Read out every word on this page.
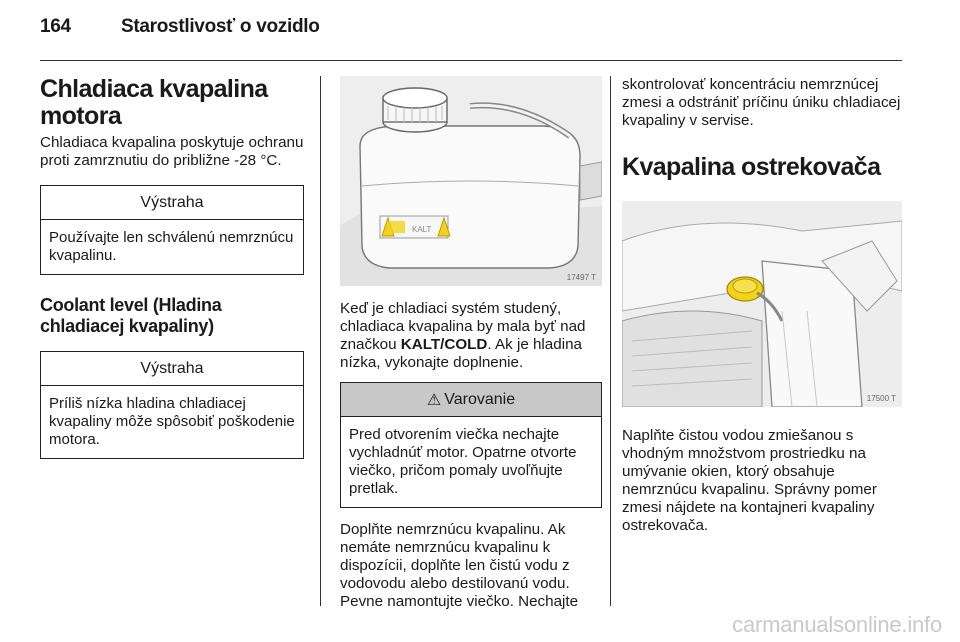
164	Starostlivosť o vozidlo
Chladiaca kvapalina motora

Chladiaca kvapalina poskytuje ochranu proti zamrznutiu do približne -28 °C.

Výstraha
Používajte len schválenú nemrznúcu kvapalinu.
Coolant level (Hladina chladiacej kvapaliny)
Výstraha
Príliš nízka hladina chladiacej kvapaliny môže spôsobiť poškodenie motora.
KALT
17497 T

Keď je chladiaci systém studený, chladiaca kvapalina by mala byť nad značkou KALT/COLD. Ak je hladina nízka, vykonajte doplnenie.

⚠ Varovanie
Pred otvorením viečka nechajte vychladnúť motor. Opatrne otvorte viečko, pričom pomaly uvoľňujte pretlak.

Doplňte nemrznúcu kvapalinu. Ak nemáte nemrznúcu kvapalinu k dispozícii, doplňte len čistú vodu z vodovodu alebo destilovanú vodu. Pevne namontujte viečko. Nechajte

skontrolovať koncentráciu nemrznúcej zmesi a odstrániť príčinu úniku chladiacej kvapaliny v servise.

Kvapalina ostrekovača
17500 T

Naplňte čistou vodou zmiešanou s vhodným množstvom prostriedku na umývanie okien, ktorý obsahuje nemrznúcu kvapalinu. Správny pomer zmesi nájdete na kontajneri kvapaliny ostrekovača.

carmanualsonline.info
